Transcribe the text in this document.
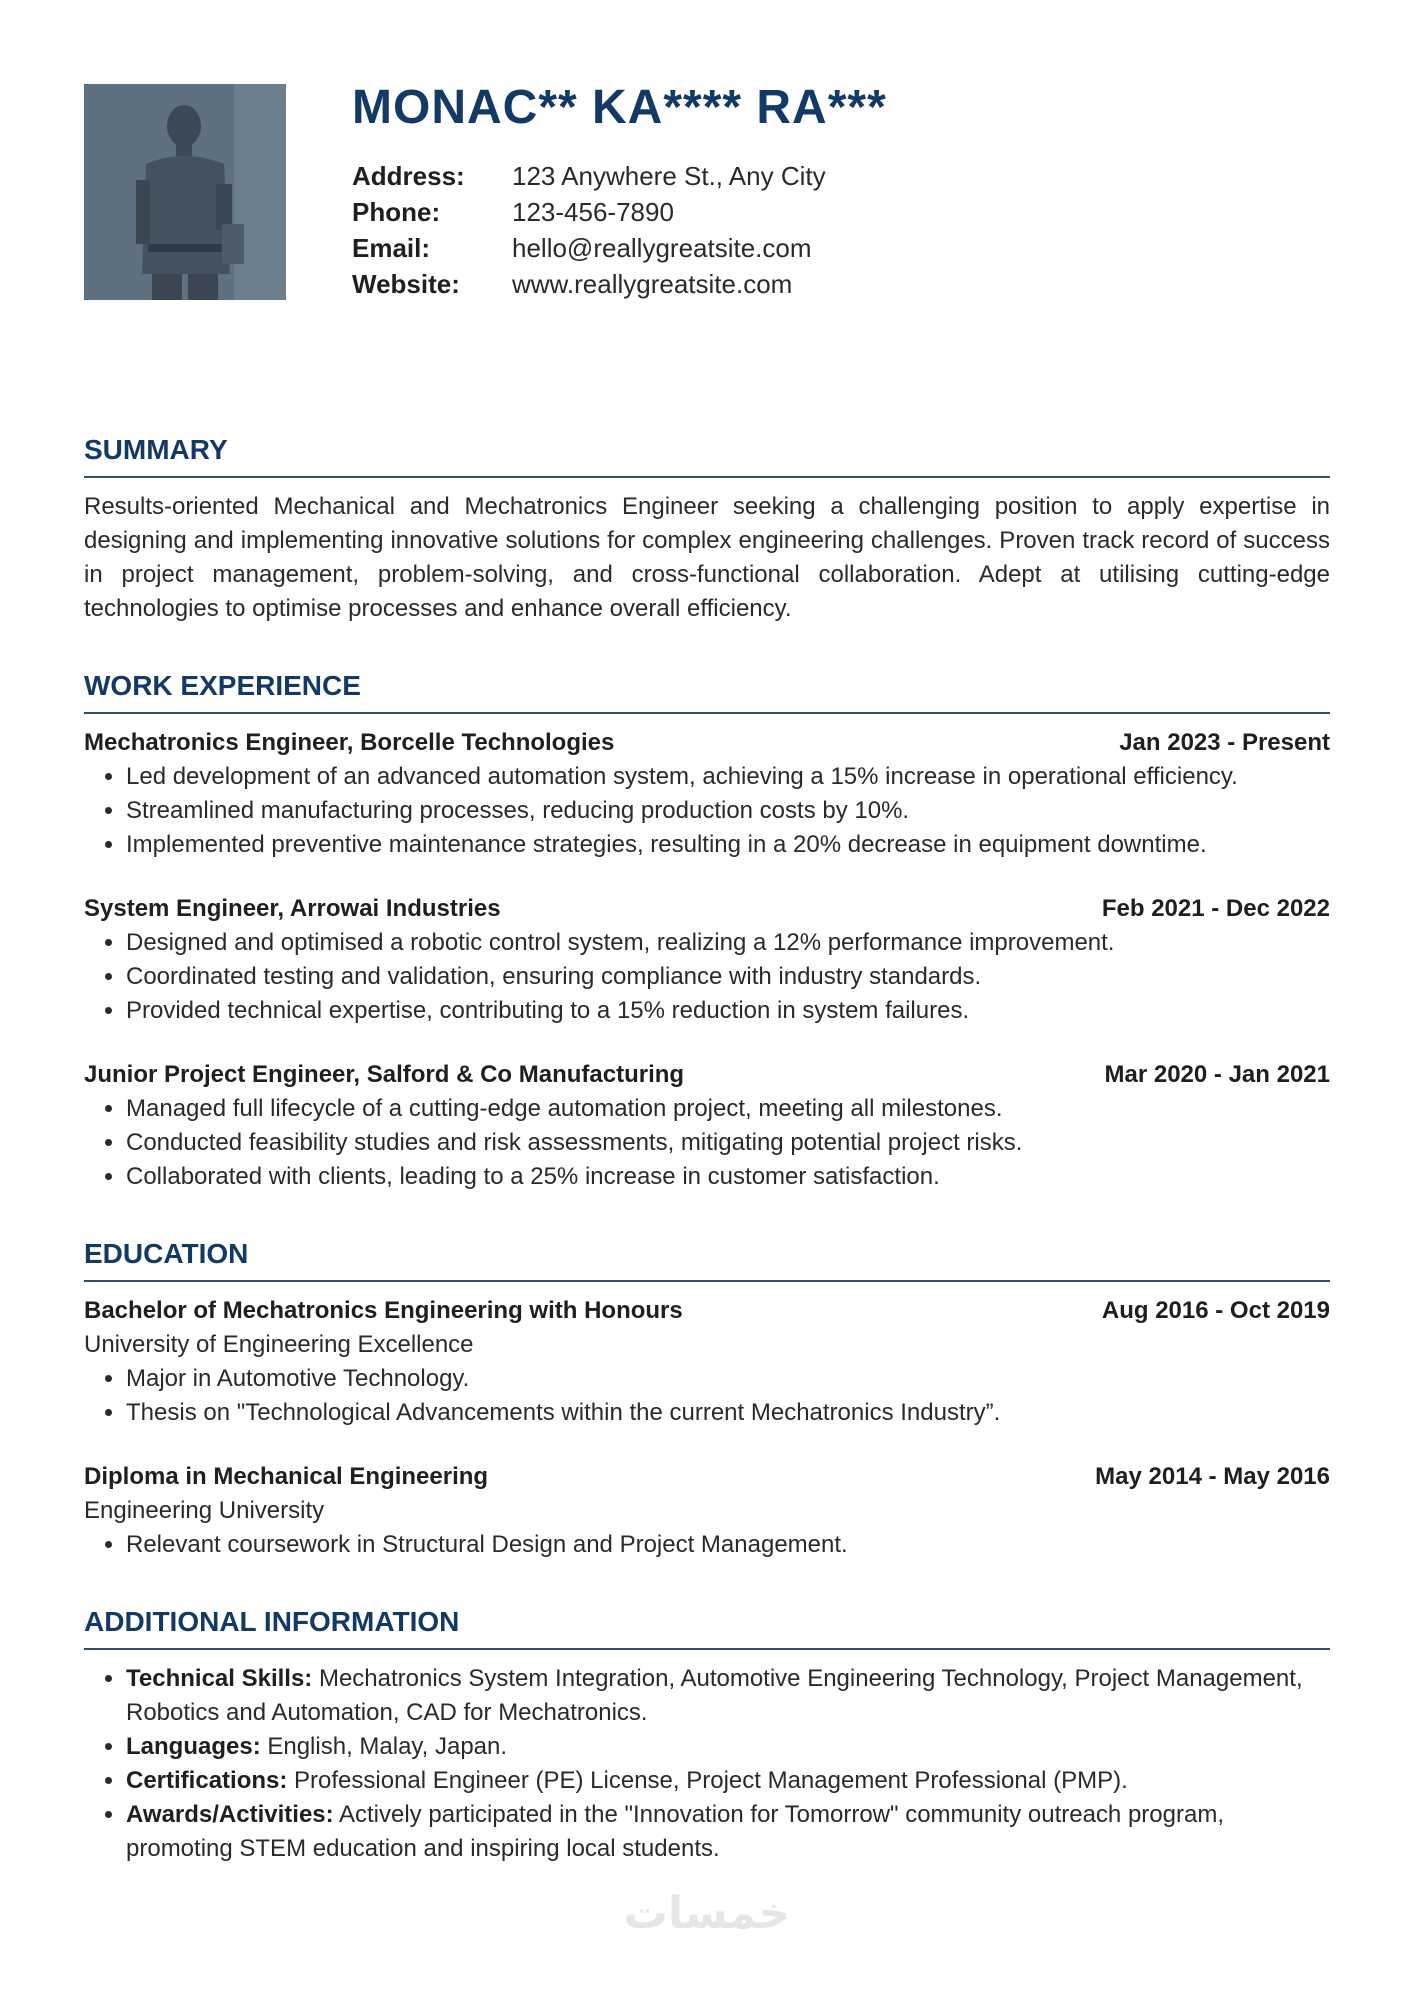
MONAC** KA**** RA***
Address:	123 Anywhere St., Any City
Phone:	123-456-7890
Email:	hello@reallygreatsite.com
Website:	www.reallygreatsite.com
SUMMARY

Results-oriented Mechanical and Mechatronics Engineer seeking a challenging position to apply expertise in designing and implementing innovative solutions for complex engineering challenges. Proven track record of success in project management, problem-solving, and cross-functional collaboration. Adept at utilising cutting-edge technologies to optimise processes and enhance overall efficiency.

WORK EXPERIENCE
Mechatronics Engineer, Borcelle Technologies	Jan 2023 - Present
• Led development of an advanced automation system, achieving a 15% increase in operational efficiency.
• Streamlined manufacturing processes, reducing production costs by 10%.
• Implemented preventive maintenance strategies, resulting in a 20% decrease in equipment downtime.
System Engineer, Arrowai Industries	Feb 2021 - Dec 2022
• Designed and optimised a robotic control system, realizing a 12% performance improvement.
• Coordinated testing and validation, ensuring compliance with industry standards.
• Provided technical expertise, contributing to a 15% reduction in system failures.
Junior Project Engineer, Salford & Co Manufacturing	Mar 2020 - Jan 2021
• Managed full lifecycle of a cutting-edge automation project, meeting all milestones.
• Conducted feasibility studies and risk assessments, mitigating potential project risks.
• Collaborated with clients, leading to a 25% increase in customer satisfaction.
EDUCATION
Bachelor of Mechatronics Engineering with Honours	Aug 2016 - Oct 2019
University of Engineering Excellence
• Major in Automotive Technology.
• Thesis on "Technological Advancements within the current Mechatronics Industry”.
Diploma in Mechanical Engineering	May 2014 - May 2016
Engineering University
• Relevant coursework in Structural Design and Project Management.
ADDITIONAL INFORMATION
• Technical Skills: Mechatronics System Integration, Automotive Engineering Technology, Project Management, Robotics and Automation, CAD for Mechatronics.
• Languages: English, Malay, Japan.
• Certifications: Professional Engineer (PE) License, Project Management Professional (PMP).
• Awards/Activities: Actively participated in the "Innovation for Tomorrow" community outreach program, promoting STEM education and inspiring local students.
خمسات
